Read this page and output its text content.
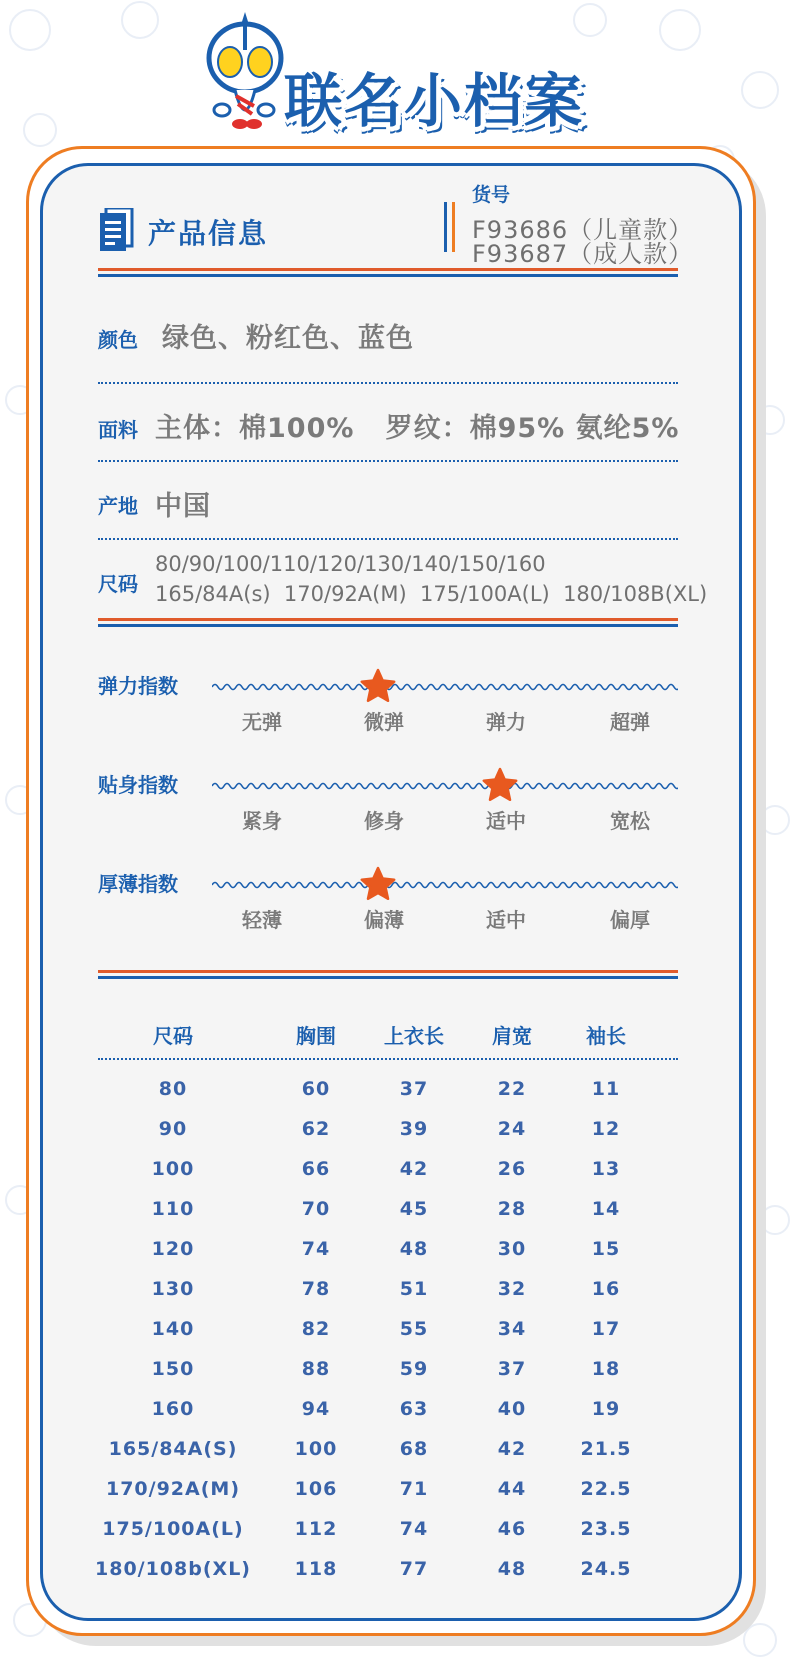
联名小档案
产品信息
货号
F93686（儿童款）
F93687（成人款）
颜色 绿色、粉红色、蓝色
面料 主体：棉100%   罗纹：棉95% 氨纶5%
产地 中国
尺码
80/90/100/110/120/130/140/150/160
165/84A(s)  170/92A(M)  175/100A(L)  180/108B(XL)
弹力指数
无弹	微弹	弹力	超弹
贴身指数
紧身	修身	适中	宽松
厚薄指数
轻薄	偏薄	适中	偏厚
尺码	胸围	上衣长	肩宽	袖长
80	60	37	22	11
90	62	39	24	12
100	66	42	26	13
110	70	45	28	14
120	74	48	30	15
130	78	51	32	16
140	82	55	34	17
150	88	59	37	18
160	94	63	40	19
165/84A(S)	100	68	42	21.5
170/92A(M)	106	71	44	22.5
175/100A(L)	112	74	46	23.5
180/108b(XL)	118	77	48	24.5
